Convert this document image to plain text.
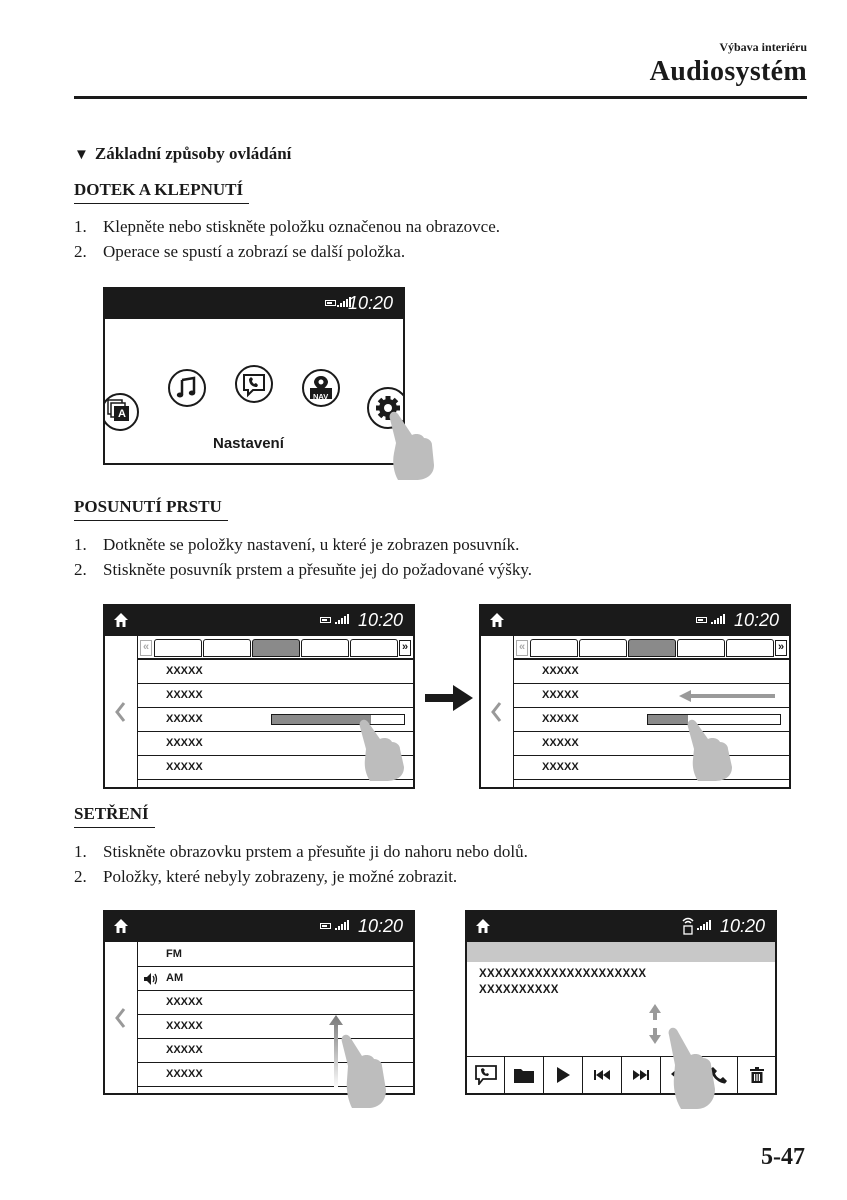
Výbava interiéru
Audiosystém
▼ Základní způsoby ovládání
DOTEK A KLEPNUTÍ
1. Klepněte nebo stiskněte položku označenou na obrazovce.
2. Operace se spustí a zobrazí se další položka.
10:20
A
NAV
Nastavení
POSUNUTÍ PRSTU
1. Dotkněte se položky nastavení, u které je zobrazen posuvník.
2. Stiskněte posuvník prstem a přesuňte jej do požadované výšky.
10:20
«	»
XXXXX
XXXXX
XXXXX
XXXXX
XXXXX
10:20
«	»
XXXXX
XXXXX
XXXXX
XXXXX
XXXXX
SETŘENÍ
1. Stiskněte obrazovku prstem a přesuňte ji do nahoru nebo dolů.
2. Položky, které nebyly zobrazeny, je možné zobrazit.
10:20
FM
AM
XXXXX
XXXXX
XXXXX
XXXXX
10:20
XXXXXXXXXXXXXXXXXXXXX
XXXXXXXXXX
5-47
